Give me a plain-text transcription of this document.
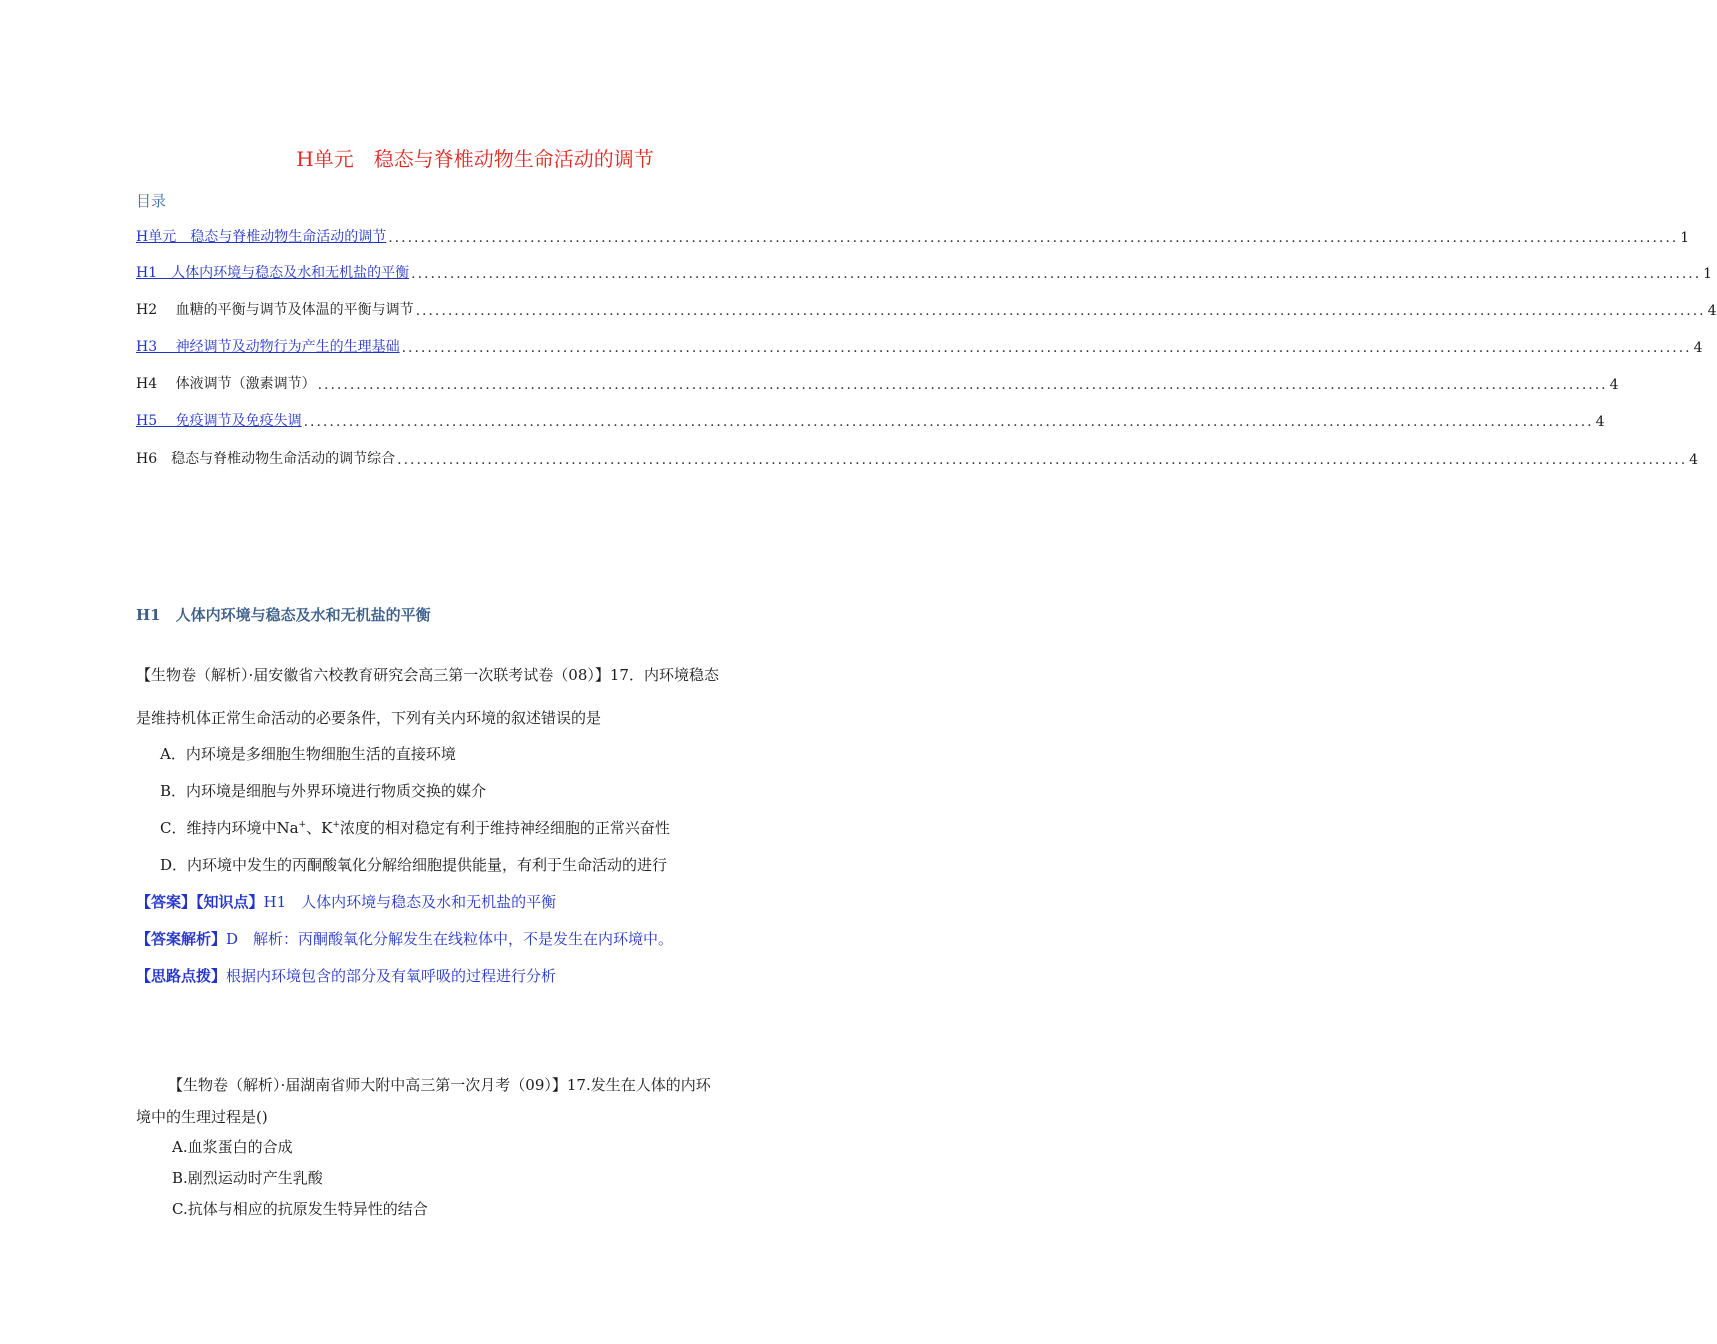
H单元　稳态与脊椎动物生命活动的调节
目录
H单元　稳态与脊椎动物生命活动的调节 ........................................................................................................................................................................................................ 1
H1　人体内环境与稳态及水和无机盐的平衡 ........................................................................................................................................................................................................ 1
H2　 血糖的平衡与调节及体温的平衡与调节 ........................................................................................................................................................................................................ 4
H3　 神经调节及动物行为产生的生理基础 ........................................................................................................................................................................................................ 4
H4　 体液调节（激素调节） ........................................................................................................................................................................................................ 4
H5　 免疫调节及免疫失调 ........................................................................................................................................................................................................ 4
H6　稳态与脊椎动物生命活动的调节综合 ........................................................................................................................................................................................................ 4
H1　人体内环境与稳态及水和无机盐的平衡
【生物卷（解析）·届安徽省六校教育研究会高三第一次联考试卷（08）】17．内环境稳态
是维持机体正常生命活动的必要条件，下列有关内环境的叙述错误的是
A．内环境是多细胞生物细胞生活的直接环境
B．内环境是细胞与外界环境进行物质交换的媒介
C．维持内环境中Na+、K+浓度的相对稳定有利于维持神经细胞的正常兴奋性
D．内环境中发生的丙酮酸氧化分解给细胞提供能量，有利于生命活动的进行
【答案】【知识点】H1　人体内环境与稳态及水和无机盐的平衡
【答案解析】D　解析：丙酮酸氧化分解发生在线粒体中，不是发生在内环境中。
【思路点拨】根据内环境包含的部分及有氧呼吸的过程进行分析
【生物卷（解析）·届湖南省师大附中高三第一次月考（09）】17.发生在人体的内环
境中的生理过程是()
A.血浆蛋白的合成
B.剧烈运动时产生乳酸
C.抗体与相应的抗原发生特异性的结合
